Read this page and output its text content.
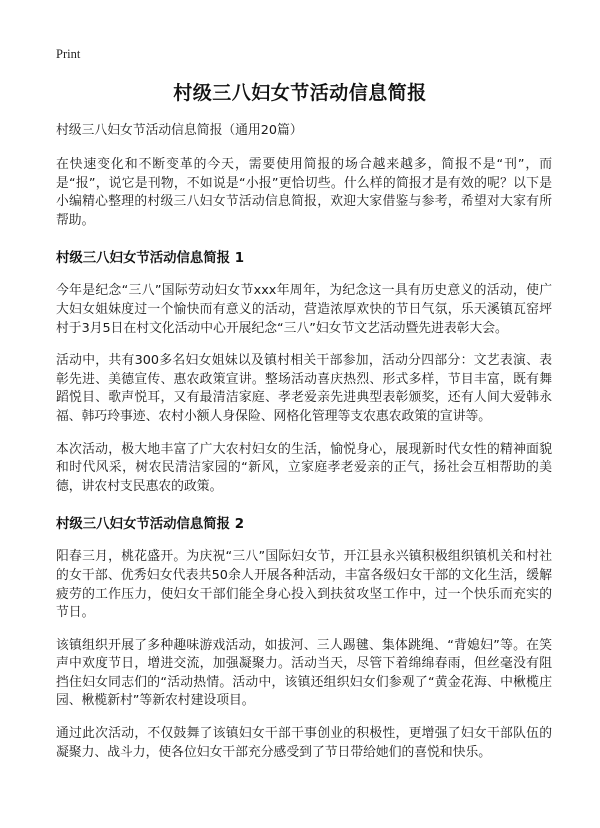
Print
村级三八妇女节活动信息简报
村级三八妇女节活动信息简报（通用20篇）

在快速变化和不断变革的今天，需要使用简报的场合越来越多，简报不是“刊”，而是“报”，说它是刊物，不如说是“小报”更恰切些。什么样的简报才是有效的呢？以下是小编精心整理的村级三八妇女节活动信息简报，欢迎大家借鉴与参考，希望对大家有所帮助。

村级三八妇女节活动信息简报 1

今年是纪念“三八”国际劳动妇女节xxx年周年，为纪念这一具有历史意义的活动，使广大妇女姐妹度过一个愉快而有意义的活动，营造浓厚欢快的节日气氛，乐天溪镇瓦窑坪村于3月5日在村文化活动中心开展纪念“三八”妇女节文艺活动暨先进表彰大会。

活动中，共有300多名妇女姐妹以及镇村相关干部参加，活动分四部分：文艺表演、表彰先进、美德宣传、惠农政策宣讲。整场活动喜庆热烈、形式多样，节目丰富，既有舞蹈悦目、歌声悦耳，又有最清洁家庭、孝老爱亲先进典型表彰颁奖，还有人间大爱韩永福、韩巧玲事迹、农村小额人身保险、网格化管理等支农惠农政策的宣讲等。

本次活动，极大地丰富了广大农村妇女的生活，愉悦身心，展现新时代女性的精神面貌和时代风采，树农民清洁家园的“新风，立家庭孝老爱亲的正气，扬社会互相帮助的美德，讲农村支民惠农的政策。

村级三八妇女节活动信息简报 2

阳春三月，桃花盛开。为庆祝“三八”国际妇女节，开江县永兴镇积极组织镇机关和村社的女干部、优秀妇女代表共50余人开展各种活动，丰富各级妇女干部的文化生活，缓解疲劳的工作压力，使妇女干部们能全身心投入到扶贫攻坚工作中，过一个快乐而充实的节日。

该镇组织开展了多种趣味游戏活动，如拔河、三人踢毽、集体跳绳、“背媳妇”等。在笑声中欢度节日，增进交流，加强凝聚力。活动当天，尽管下着绵绵春雨，但丝毫没有阻挡住妇女同志们的“活动热情。活动中，该镇还组织妇女们参观了“黄金花海、中楸榄庄园、楸榄新村”等新农村建设项目。

通过此次活动，不仅鼓舞了该镇妇女干部干事创业的积极性，更增强了妇女干部队伍的凝聚力、战斗力，使各位妇女干部充分感受到了节日带给她们的喜悦和快乐。
